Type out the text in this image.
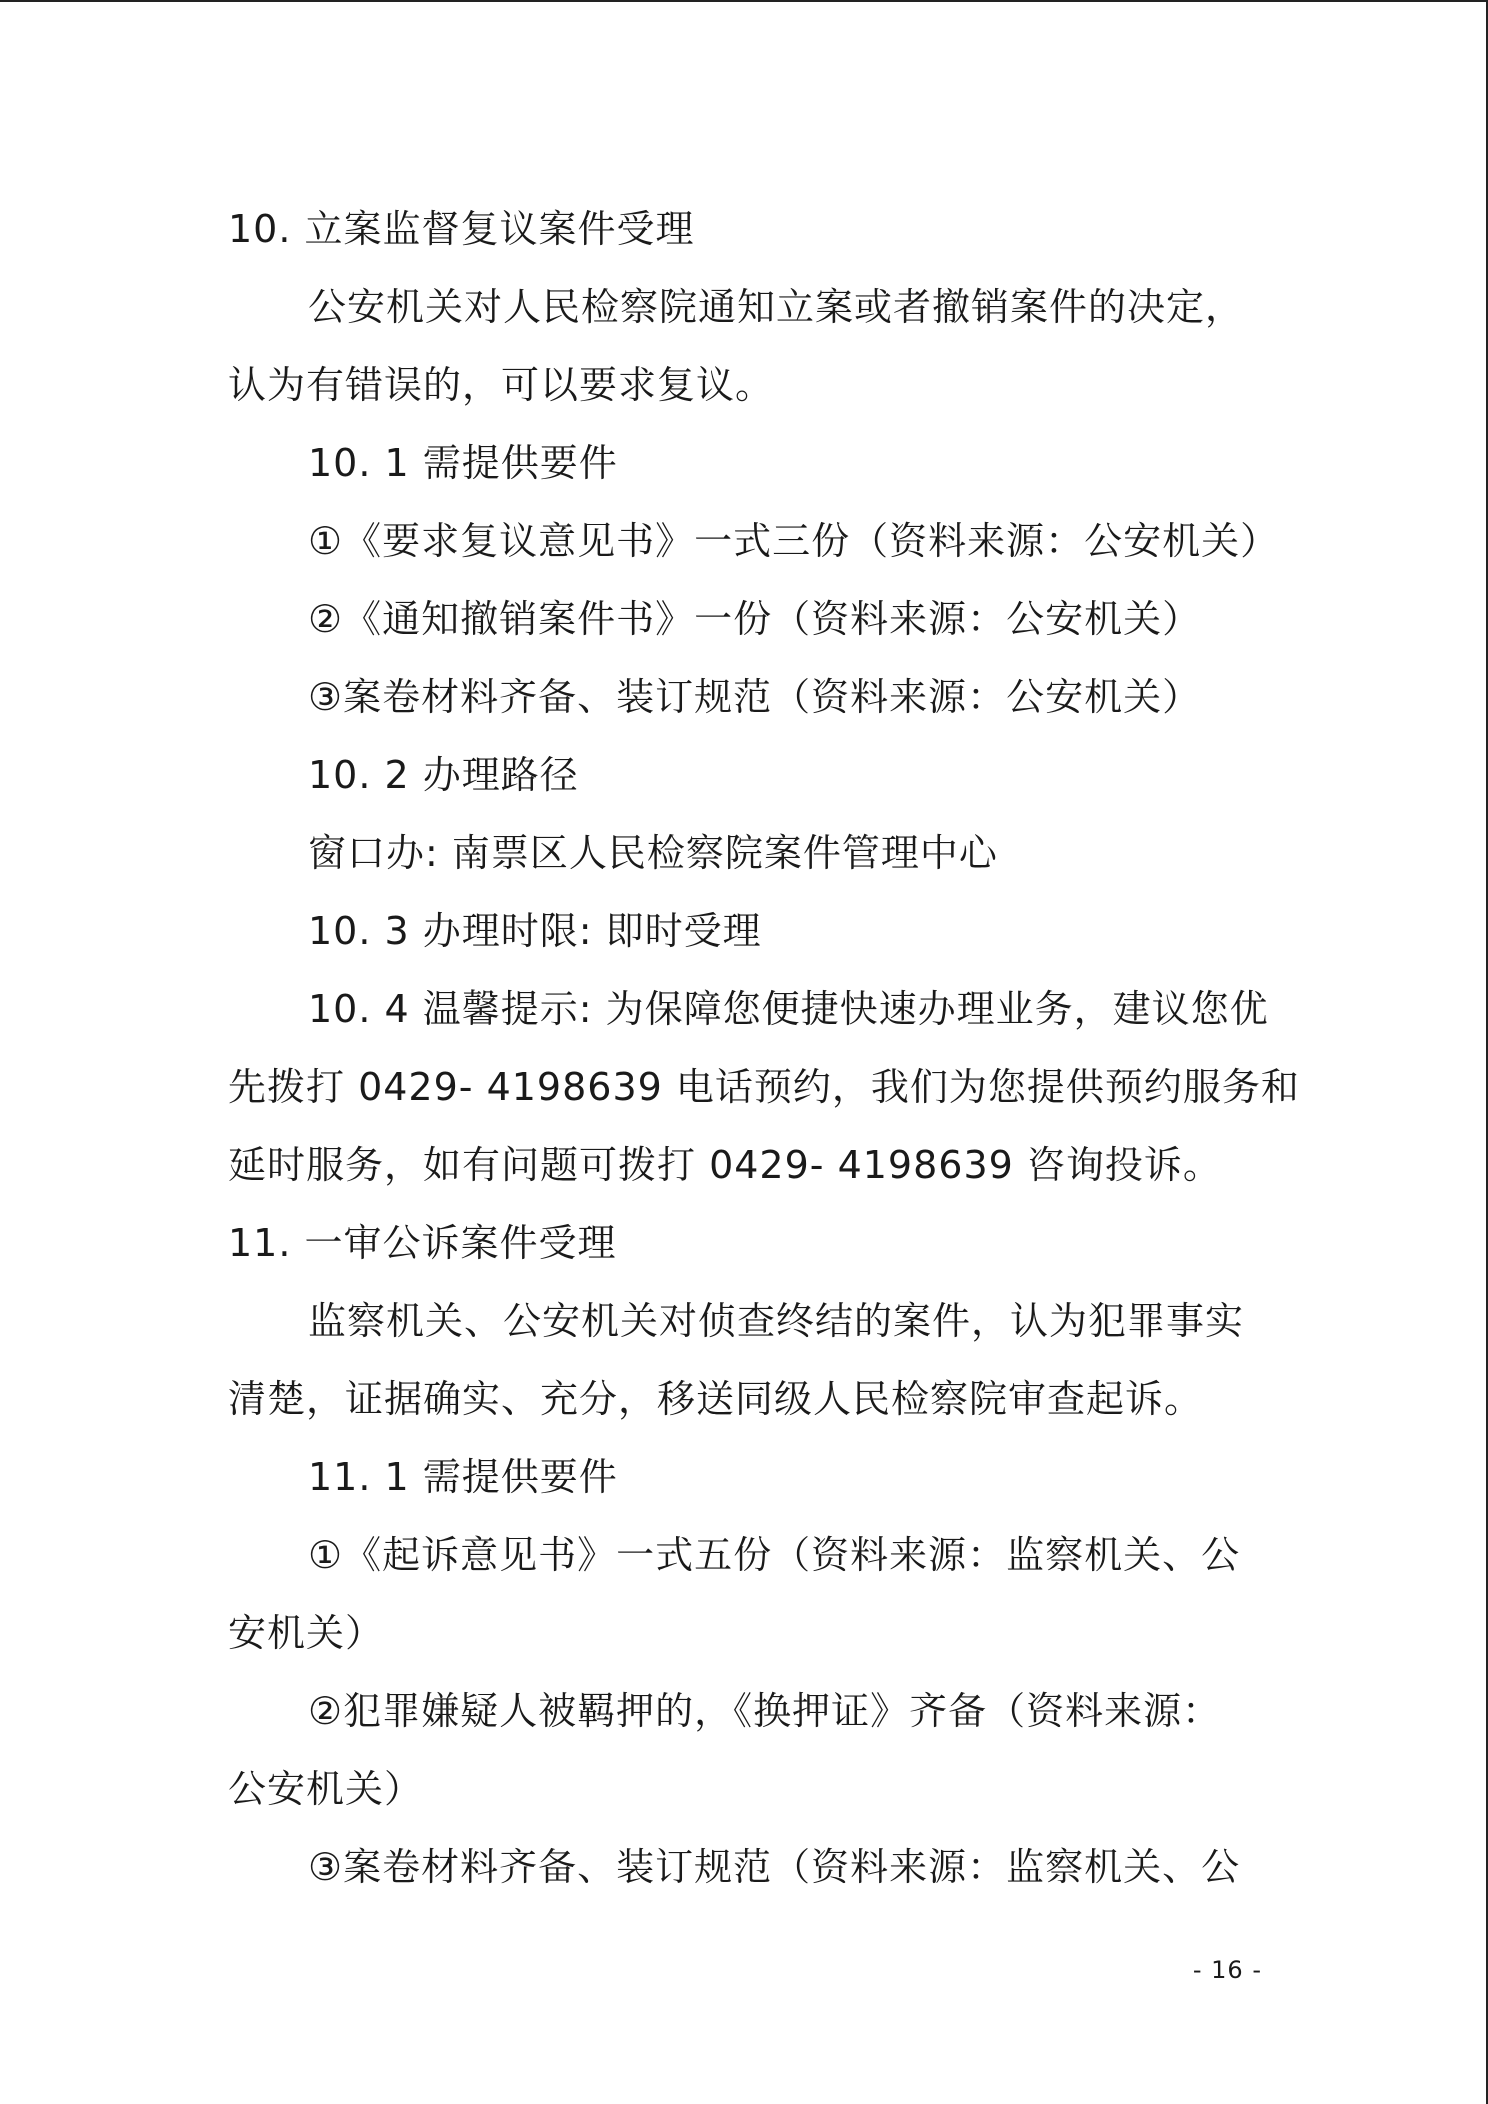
10. 立案监督复议案件受理
公安机关对人民检察院通知立案或者撤销案件的决定，
认为有错误的，可以要求复议。
10. 1 需提供要件
①《要求复议意见书》一式三份（资料来源：公安机关）
②《通知撤销案件书》一份（资料来源：公安机关）
③案卷材料齐备、装订规范（资料来源：公安机关）
10. 2 办理路径
窗口办: 南票区人民检察院案件管理中心
10. 3 办理时限: 即时受理
10. 4 温馨提示: 为保障您便捷快速办理业务，建议您优
先拨打 0429- 4198639 电话预约，我们为您提供预约服务和
延时服务，如有问题可拨打 0429- 4198639 咨询投诉。
11. 一审公诉案件受理
监察机关、公安机关对侦查终结的案件，认为犯罪事实
清楚，证据确实、充分，移送同级人民检察院审查起诉。
11. 1 需提供要件
①《起诉意见书》一式五份（资料来源：监察机关、公
安机关）
②犯罪嫌疑人被羁押的，《换押证》齐备（资料来源：
公安机关）
③案卷材料齐备、装订规范（资料来源：监察机关、公
- 16 -
